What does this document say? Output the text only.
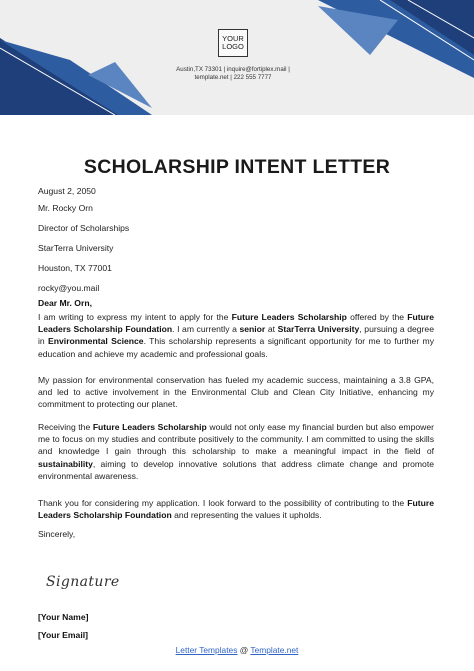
YOUR LOGO
Austin,TX 73301 | inquire@fortiplex.mail |
template.net | 222 555 7777
SCHOLARSHIP INTENT LETTER
August 2, 2050
Mr. Rocky Orn
Director of Scholarships
StarTerra University
Houston, TX 77001
rocky@you.mail
Dear Mr. Orn,
I am writing to express my intent to apply for the Future Leaders Scholarship offered by the Future Leaders Scholarship Foundation. I am currently a senior at StarTerra University, pursuing a degree in Environmental Science. This scholarship represents a significant opportunity for me to further my education and achieve my academic and professional goals.
My passion for environmental conservation has fueled my academic success, maintaining a 3.8 GPA, and led to active involvement in the Environmental Club and Clean City Initiative, enhancing my commitment to protecting our planet.
Receiving the Future Leaders Scholarship would not only ease my financial burden but also empower me to focus on my studies and contribute positively to the community. I am committed to using the skills and knowledge I gain through this scholarship to make a meaningful impact in the field of sustainability, aiming to develop innovative solutions that address climate change and promote environmental awareness.
Thank you for considering my application. I look forward to the possibility of contributing to the Future Leaders Scholarship Foundation and representing the values it upholds.
Sincerely,
Signature
[Your Name]
[Your Email]
Letter Templates @ Template.net
